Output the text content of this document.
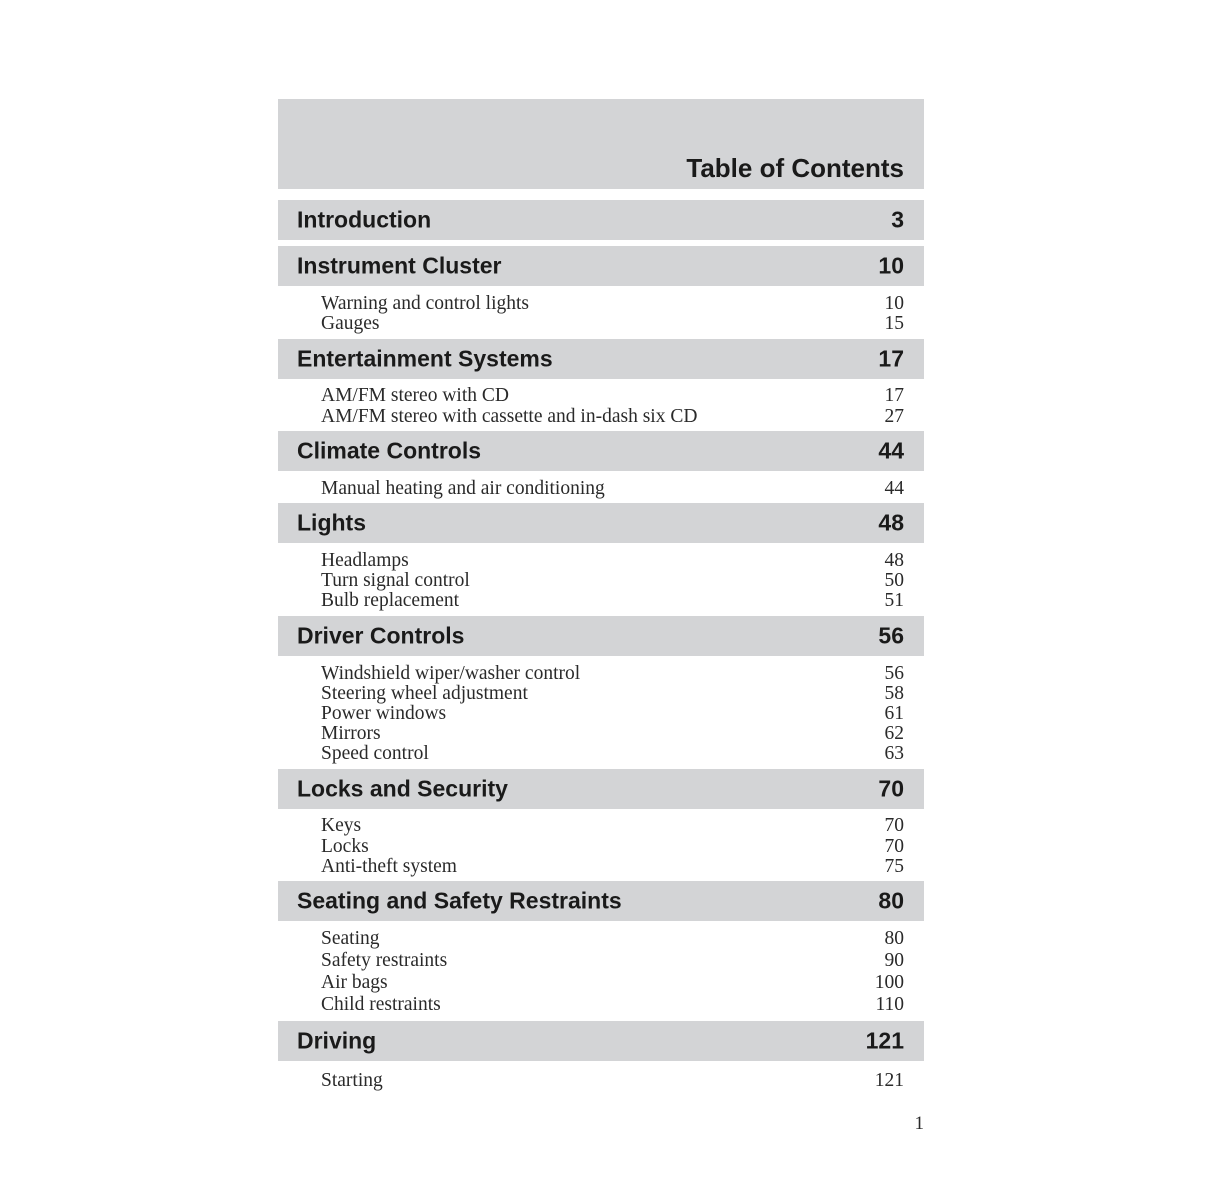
Table of Contents
Introduction	3
Instrument Cluster	10
Warning and control lights	10
Gauges	15
Entertainment Systems	17
AM/FM stereo with CD	17
AM/FM stereo with cassette and in-dash six CD	27
Climate Controls	44
Manual heating and air conditioning	44
Lights	48
Headlamps	48
Turn signal control	50
Bulb replacement	51
Driver Controls	56
Windshield wiper/washer control	56
Steering wheel adjustment	58
Power windows	61
Mirrors	62
Speed control	63
Locks and Security	70
Keys	70
Locks	70
Anti-theft system	75
Seating and Safety Restraints	80
Seating	80
Safety restraints	90
Air bags	100
Child restraints	110
Driving	121
Starting	121
1
